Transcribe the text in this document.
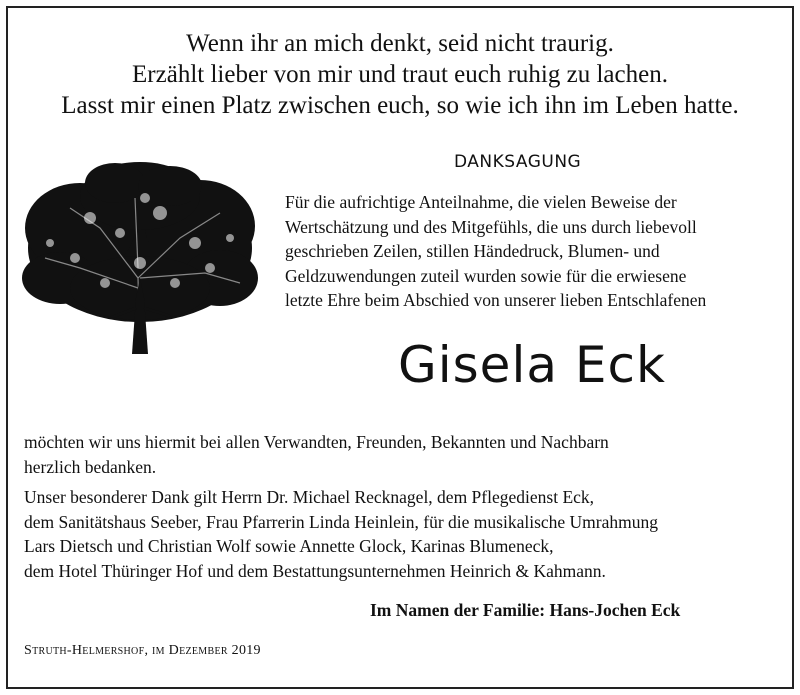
Wenn ihr an mich denkt, seid nicht traurig.
Erzählt lieber von mir und traut euch ruhig zu lachen.
Lasst mir einen Platz zwischen euch, so wie ich ihn im Leben hatte.
DANKSAGUNG
Für die aufrichtige Anteilnahme, die vielen Beweise der
Wertschätzung und des Mitgefühls, die uns durch liebevoll
geschrieben Zeilen, stillen Händedruck, Blumen- und
Geldzuwendungen zuteil wurden sowie für die erwiesene
letzte Ehre beim Abschied von unserer lieben Entschlafenen
Gisela Eck
möchten wir uns hiermit bei allen Verwandten, Freunden, Bekannten und Nachbarn
herzlich bedanken.
Unser besonderer Dank gilt Herrn Dr. Michael Recknagel, dem Pflegedienst Eck,
dem Sanitätshaus Seeber, Frau Pfarrerin Linda Heinlein, für die musikalische Umrahmung
Lars Dietsch und Christian Wolf sowie Annette Glock, Karinas Blumeneck,
dem Hotel Thüringer Hof und dem Bestattungsunternehmen Heinrich & Kahmann.
Im Namen der Familie: Hans-Jochen Eck
Struth-Helmershof, im Dezember 2019
